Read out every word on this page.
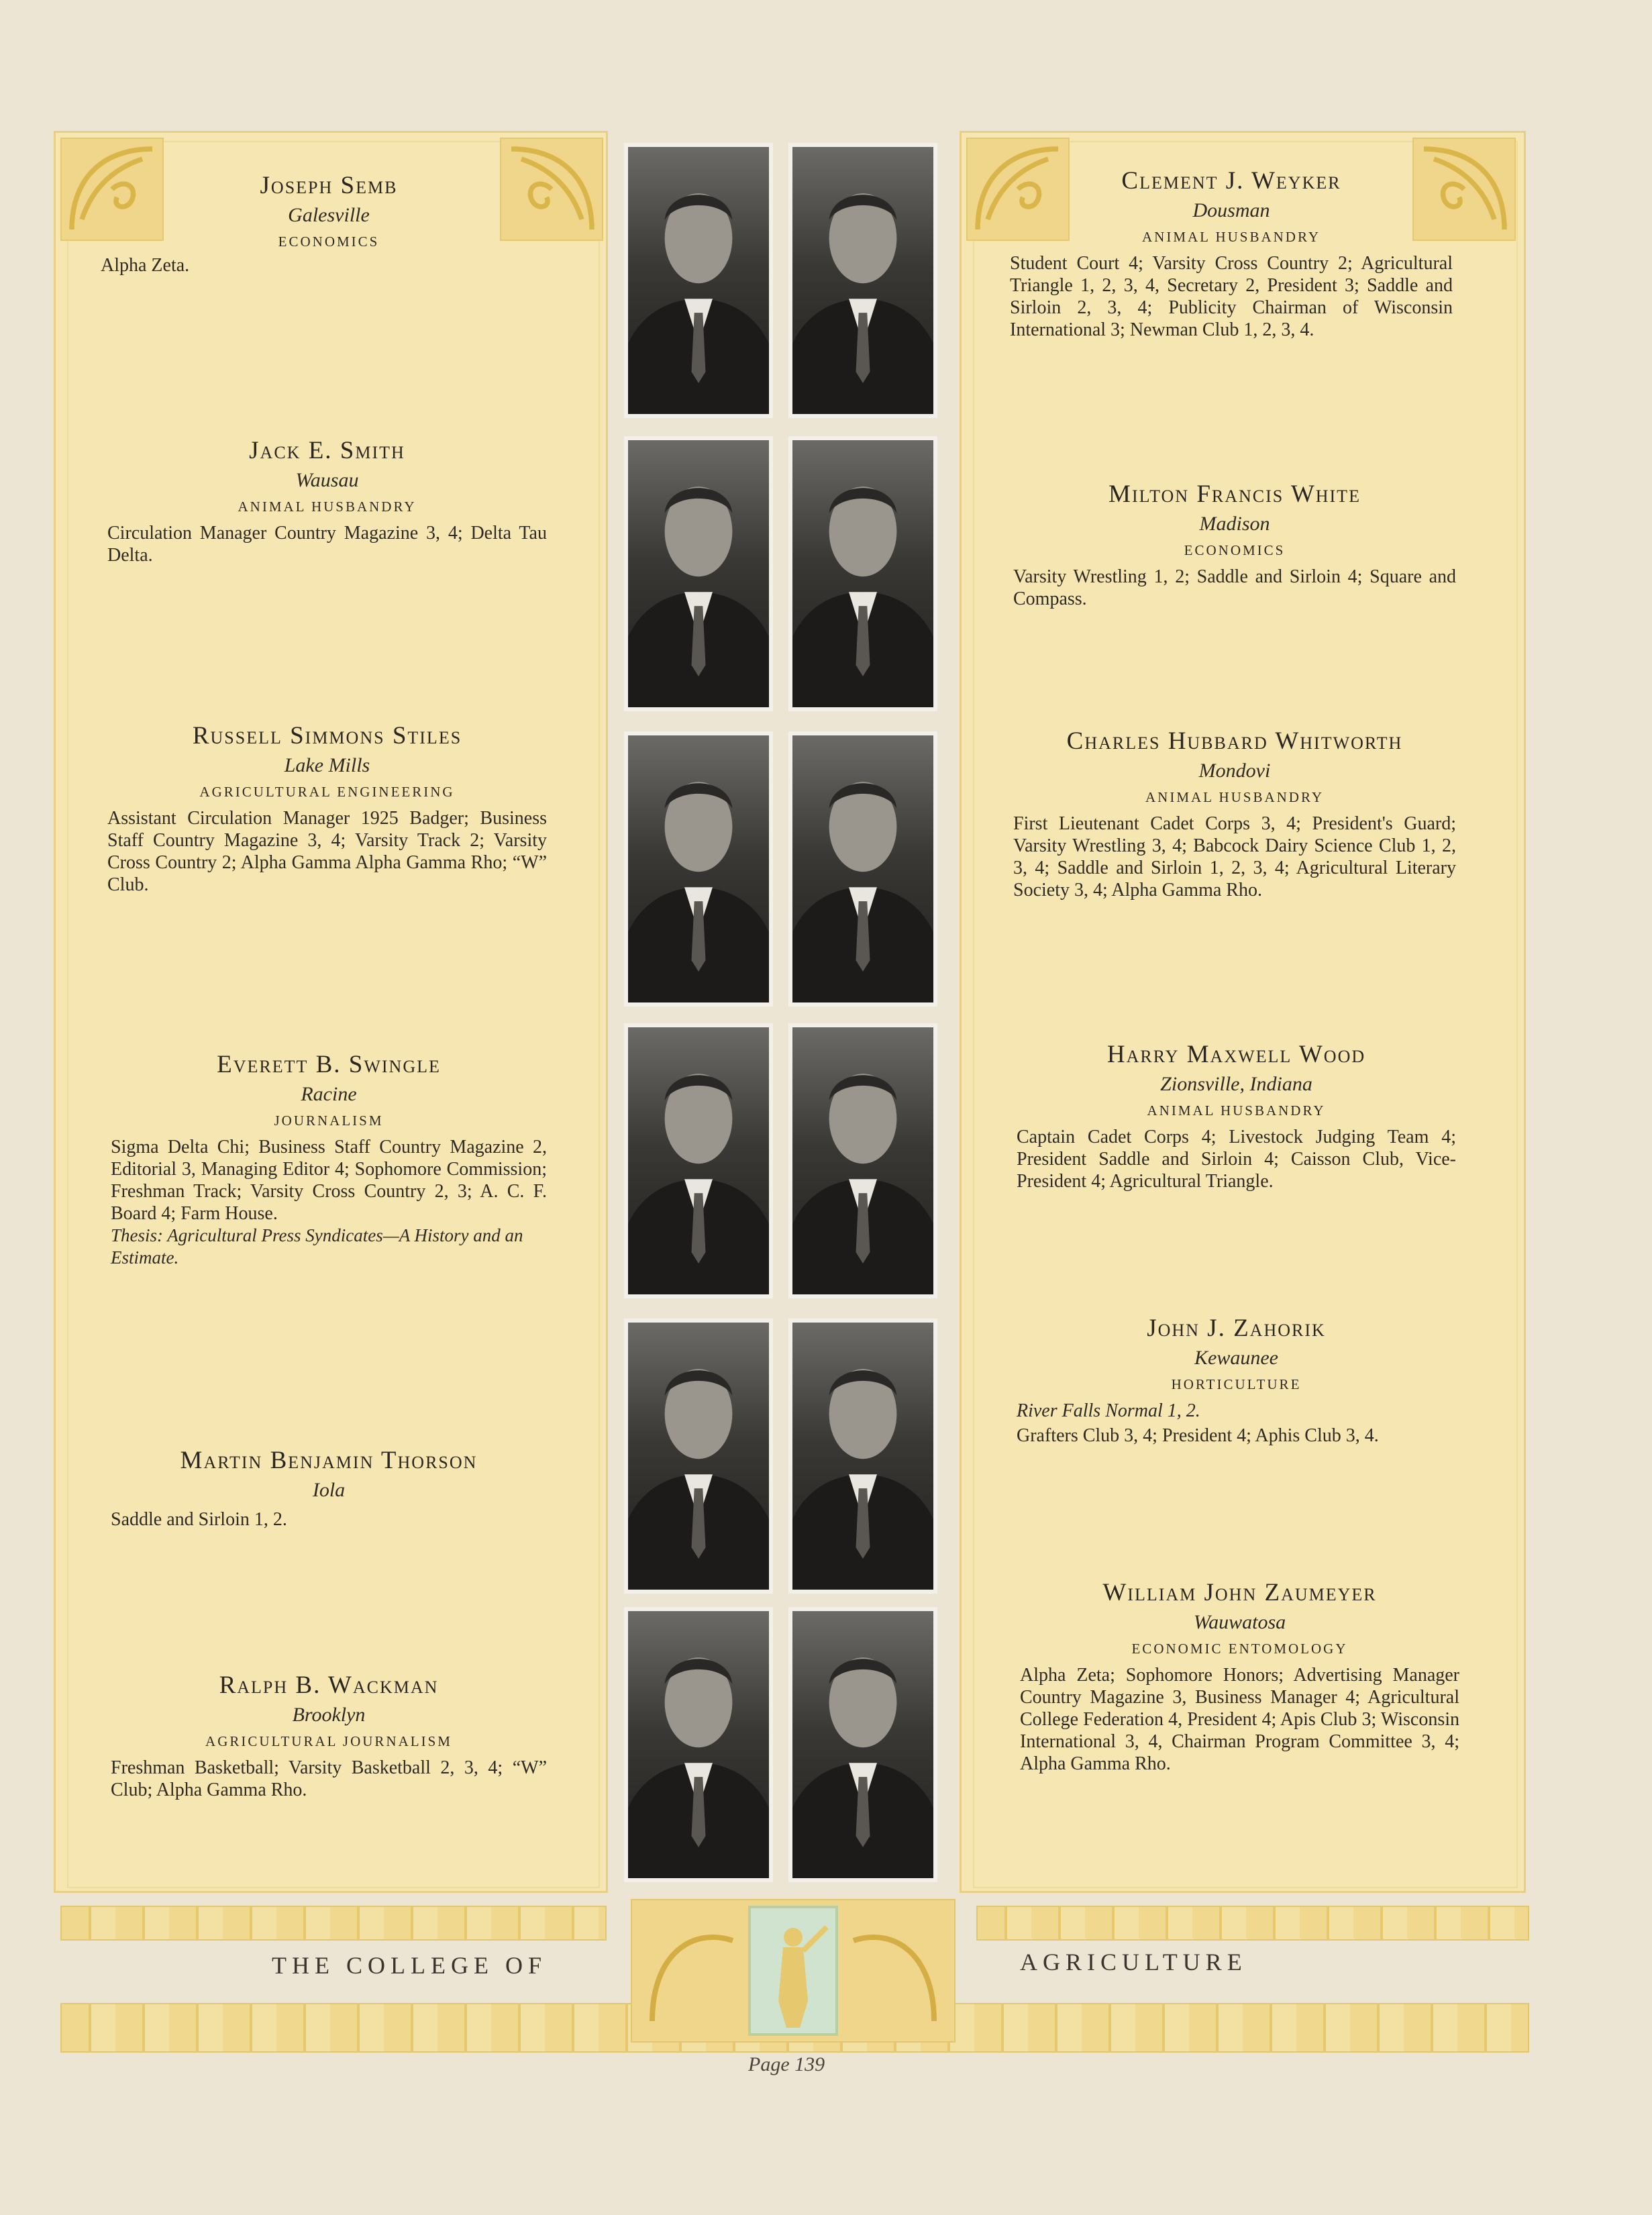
Joseph Semb
Galesville
ECONOMICS
Alpha Zeta.
Jack E. Smith
Wausau
ANIMAL HUSBANDRY
Circulation Manager Country Magazine 3, 4; Delta Tau Delta.
Russell Simmons Stiles
Lake Mills
AGRICULTURAL ENGINEERING
Assistant Circulation Manager 1925 Badger; Business Staff Country Magazine 3, 4; Varsity Track 2; Varsity Cross Country 2; Alpha Gamma Alpha Gamma Rho; “W” Club.
Everett B. Swingle
Racine
JOURNALISM
Sigma Delta Chi; Business Staff Country Magazine 2, Editorial 3, Managing Editor 4; Sophomore Commission; Freshman Track; Varsity Cross Country 2, 3; A. C. F. Board 4; Farm House.
Thesis: Agricultural Press Syndicates—A History and an Estimate.
Martin Benjamin Thorson
Iola
Saddle and Sirloin 1, 2.
Ralph B. Wackman
Brooklyn
AGRICULTURAL JOURNALISM
Freshman Basketball; Varsity Basketball 2, 3, 4; “W” Club; Alpha Gamma Rho.
Clement J. Weyker
Dousman
ANIMAL HUSBANDRY
Student Court 4; Varsity Cross Country 2; Agricultural Triangle 1, 2, 3, 4, Secretary 2, President 3; Saddle and Sirloin 2, 3, 4; Publicity Chairman of Wisconsin International 3; Newman Club 1, 2, 3, 4.
Milton Francis White
Madison
ECONOMICS
Varsity Wrestling 1, 2; Saddle and Sirloin 4; Square and Compass.
Charles Hubbard Whitworth
Mondovi
ANIMAL HUSBANDRY
First Lieutenant Cadet Corps 3, 4; President's Guard; Varsity Wrestling 3, 4; Babcock Dairy Science Club 1, 2, 3, 4; Saddle and Sirloin 1, 2, 3, 4; Agricultural Literary Society 3, 4; Alpha Gamma Rho.
Harry Maxwell Wood
Zionsville, Indiana
ANIMAL HUSBANDRY
Captain Cadet Corps 4; Livestock Judging Team 4; President Saddle and Sirloin 4; Caisson Club, Vice-President 4; Agricultural Triangle.
John J. Zahorik
Kewaunee
HORTICULTURE
River Falls Normal 1, 2.
Grafters Club 3, 4; President 4; Aphis Club 3, 4.
William John Zaumeyer
Wauwatosa
ECONOMIC ENTOMOLOGY
Alpha Zeta; Sophomore Honors; Advertising Manager Country Magazine 3, Business Manager 4; Agricultural College Federation 4, President 4; Apis Club 3; Wisconsin International 3, 4, Chairman Program Committee 3, 4; Alpha Gamma Rho.
THE COLLEGE OF	AGRICULTURE
Page 139
